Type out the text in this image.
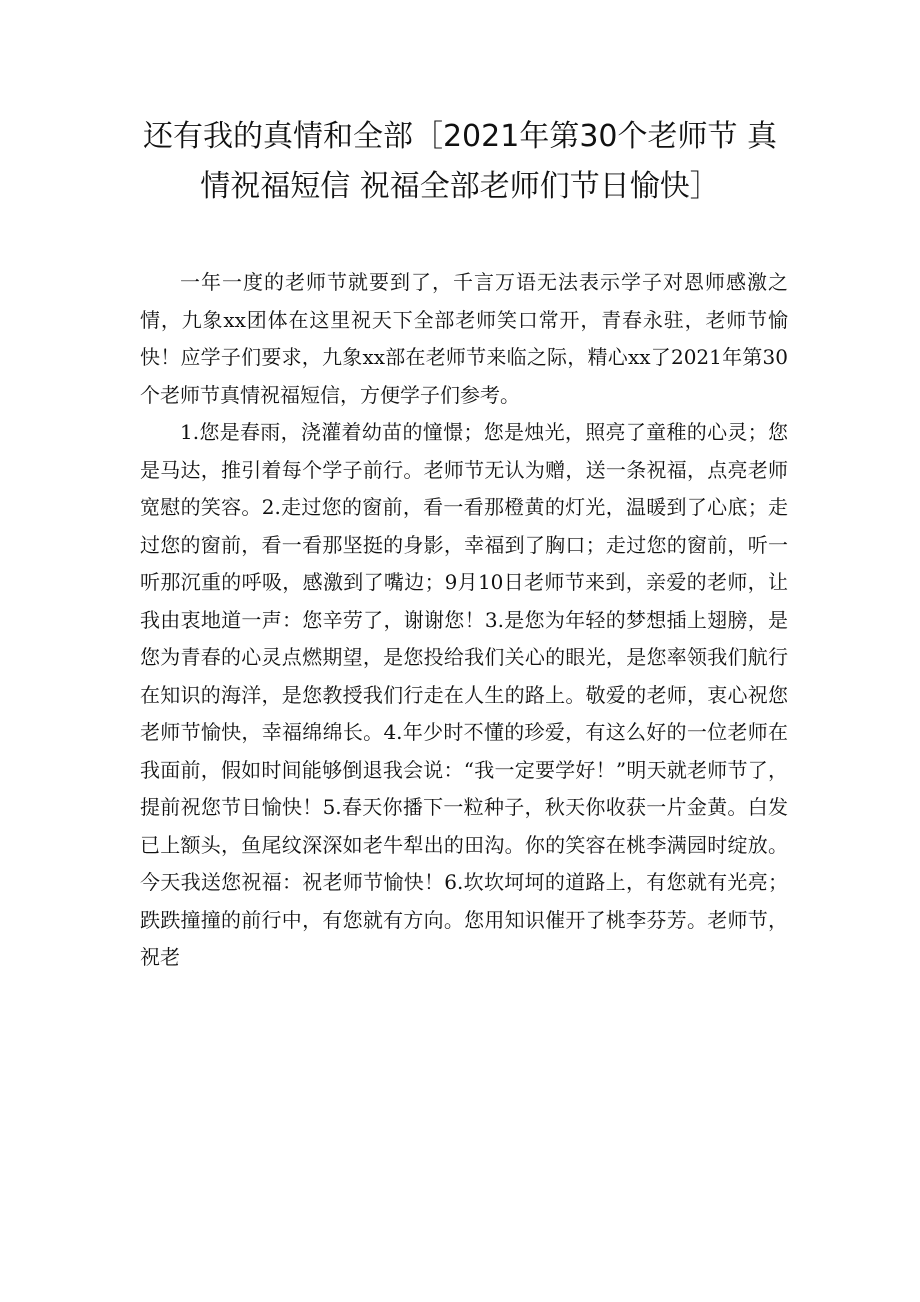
还有我的真情和全部［2021年第30个老师节 真情祝福短信 祝福全部老师们节日愉快］

一年一度的老师节就要到了，千言万语无法表示学子对恩师感激之情，九象xx团体在这里祝天下全部老师笑口常开，青春永驻，老师节愉快！应学子们要求，九象xx部在老师节来临之际，精心xx了2021年第30个老师节真情祝福短信，方便学子们参考。

1.您是春雨，浇灌着幼苗的憧憬；您是烛光，照亮了童稚的心灵；您是马达，推引着每个学子前行。老师节无认为赠，送一条祝福，点亮老师宽慰的笑容。2.走过您的窗前，看一看那橙黄的灯光，温暖到了心底；走过您的窗前，看一看那坚挺的身影，幸福到了胸口；走过您的窗前，听一听那沉重的呼吸，感激到了嘴边；9月10日老师节来到，亲爱的老师，让我由衷地道一声：您辛劳了，谢谢您！3.是您为年轻的梦想插上翅膀，是您为青春的心灵点燃期望，是您投给我们关心的眼光，是您率领我们航行在知识的海洋，是您教授我们行走在人生的路上。敬爱的老师，衷心祝您老师节愉快，幸福绵绵长。4.年少时不懂的珍爱，有这么好的一位老师在我面前，假如时间能够倒退我会说：“我一定要学好！”明天就老师节了，提前祝您节日愉快！5.春天你播下一粒种子，秋天你收获一片金黄。白发已上额头，鱼尾纹深深如老牛犁出的田沟。你的笑容在桃李满园时绽放。今天我送您祝福：祝老师节愉快！6.坎坎坷坷的道路上，有您就有光亮；跌跌撞撞的前行中，有您就有方向。您用知识催开了桃李芬芳。老师节，祝老
